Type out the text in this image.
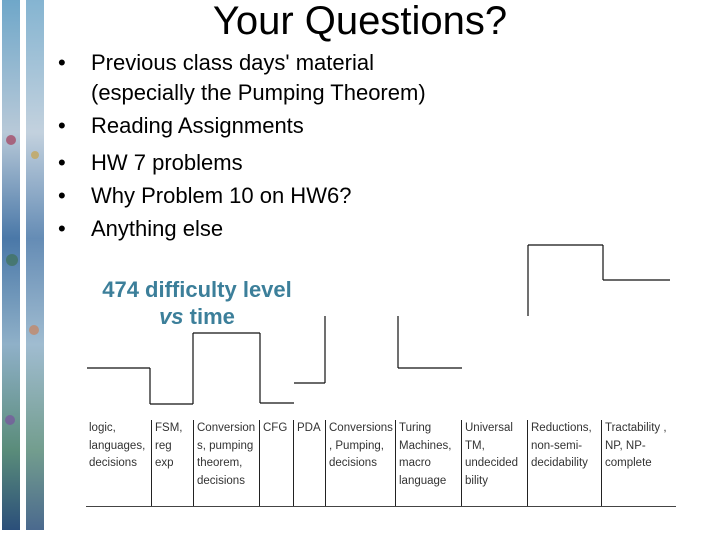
Your Questions?
• Previous class days' material
(especially the Pumping Theorem)
• Reading Assignments
• HW 7 problems
• Why Problem 10 on HW6?
• Anything else
474 difficulty level
vs time
logic, languages, decisions
FSM, reg exp
Conversion s, pumping theorem, decisions
CFG PDA Conversions , Pumping, decisions
Turing Machines, macro language
Universal TM, undecided bility
Reductions, non-semi-decidability
Tractability , NP, NP-complete
